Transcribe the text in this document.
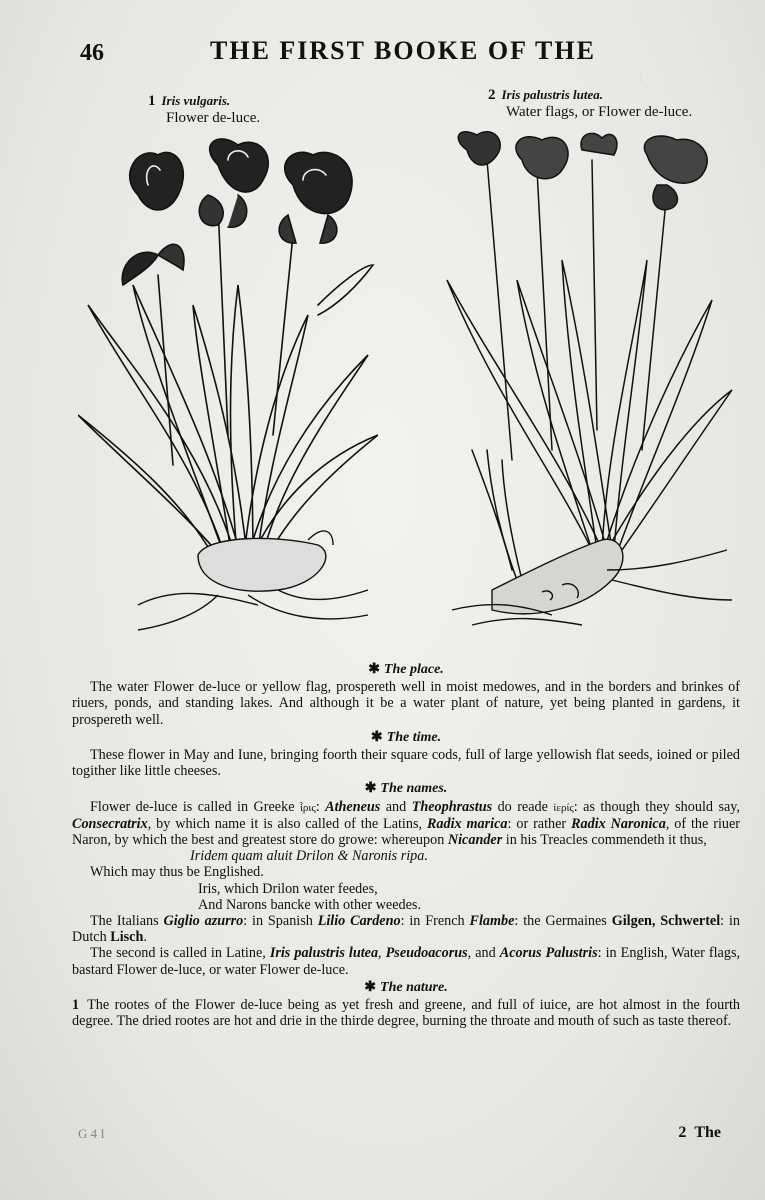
46	THE FIRST BOOKE OF THE
1 Iris vulgaris.
Flower de-luce.
2 Iris palustris lutea.
Water flags, or Flower de-luce.
|
✱ The place.

The water Flower de-luce or yellow flag, prospereth well in moist medowes, and in the borders and brinkes of riuers, ponds, and standing lakes. And although it be a water plant of nature, yet being planted in gardens, it prospereth well.

✱ The time.

These flower in May and Iune, bringing foorth their square cods, full of large yellowish flat seeds, ioined or piled togither like little cheeses.

✱ The names.

Flower de-luce is called in Greeke ἶρις: Atheneus and Theophrastus do reade ἰερίς: as though they should say, Consecratrix, by which name it is also called of the Latins, Radix marica: or rather Radix Naronica, of the riuer Naron, by which the best and greatest store do growe: whereupon Nicander in his Treacles commendeth it thus,

Iridem quam aluit Drilon & Naronis ripa.

Which may thus be Englished.

Iris, which Drilon water feedes,

And Narons bancke with other weedes.

The Italians Giglio azurro: in Spanish Lilio Cardeno: in French Flambe: the Germaines Gilgen, Schwertel: in Dutch Lisch.

The second is called in Latine, Iris palustris lutea, Pseudoacorus, and Acorus Palustris: in English, Water flags, bastard Flower de-luce, or water Flower de-luce.

✱ The nature.

1 The rootes of the Flower de-luce being as yet fresh and greene, and full of iuice, are hot almost in the fourth degree. The dried rootes are hot and drie in the thirde degree, burning the throate and mouth of such as taste thereof.

G 4 I	2 The
